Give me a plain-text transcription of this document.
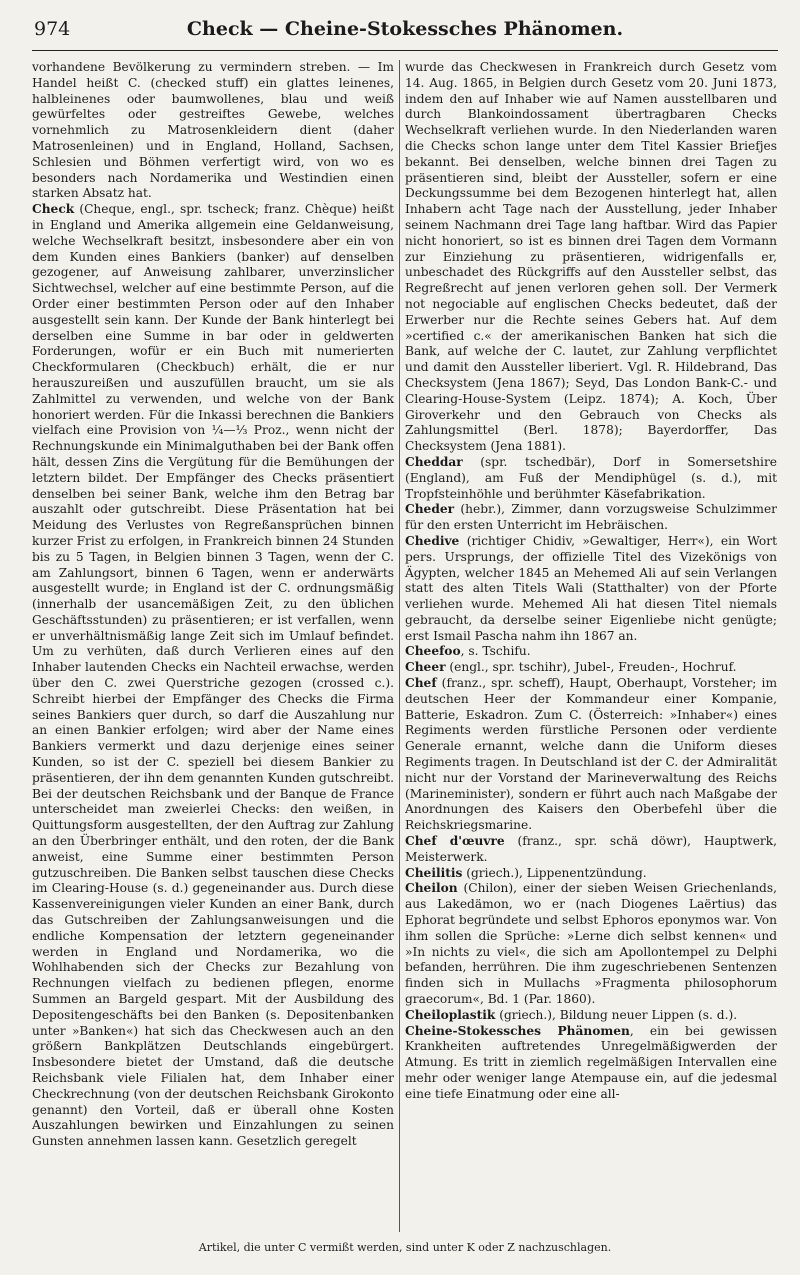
974	Check — Cheine-Stokessches Phänomen.

vorhandene Bevölkerung zu vermindern streben. — Im Handel heißt C. (checked stuff) ein glattes leinenes, halbleinenes oder baumwollenes, blau und weiß gewürfeltes oder gestreiftes Gewebe, welches vornehmlich zu Matrosenkleidern dient (daher Matrosenleinen) und in England, Holland, Sachsen, Schlesien und Böhmen verfertigt wird, von wo es besonders nach Nordamerika und Westindien einen starken Absatz hat.

Check (Cheque, engl., spr. tscheck; franz. Chèque) heißt in England und Amerika allgemein eine Geldanweisung, welche Wechselkraft besitzt, insbesondere aber ein von dem Kunden eines Bankiers (banker) auf denselben gezogener, auf Anweisung zahlbarer, unverzinslicher Sichtwechsel, welcher auf eine bestimmte Person, auf die Order einer bestimmten Person oder auf den Inhaber ausgestellt sein kann. Der Kunde der Bank hinterlegt bei derselben eine Summe in bar oder in geldwerten Forderungen, wofür er ein Buch mit numerierten Checkformularen (Checkbuch) erhält, die er nur herauszureißen und auszufüllen braucht, um sie als Zahlmittel zu verwenden, und welche von der Bank honoriert werden. Für die Inkassi berechnen die Bankiers vielfach eine Provision von ¼—⅓ Proz., wenn nicht der Rechnungskunde ein Minimalguthaben bei der Bank offen hält, dessen Zins die Vergütung für die Bemühungen der letztern bildet. Der Empfänger des Checks präsentiert denselben bei seiner Bank, welche ihm den Betrag bar auszahlt oder gutschreibt. Diese Präsentation hat bei Meidung des Verlustes von Regreßansprüchen binnen kurzer Frist zu erfolgen, in Frankreich binnen 24 Stunden bis zu 5 Tagen, in Belgien binnen 3 Tagen, wenn der C. am Zahlungsort, binnen 6 Tagen, wenn er anderwärts ausgestellt wurde; in England ist der C. ordnungsmäßig (innerhalb der usancemäßigen Zeit, zu den üblichen Geschäftsstunden) zu präsentieren; er ist verfallen, wenn er unverhältnismäßig lange Zeit sich im Umlauf befindet. Um zu verhüten, daß durch Verlieren eines auf den Inhaber lautenden Checks ein Nachteil erwachse, werden über den C. zwei Querstriche gezogen (crossed c.). Schreibt hierbei der Empfänger des Checks die Firma seines Bankiers quer durch, so darf die Auszahlung nur an einen Bankier erfolgen; wird aber der Name eines Bankiers vermerkt und dazu derjenige eines seiner Kunden, so ist der C. speziell bei diesem Bankier zu präsentieren, der ihn dem genannten Kunden gutschreibt. Bei der deutschen Reichsbank und der Banque de France unterscheidet man zweierlei Checks: den weißen, in Quittungsform ausgestellten, der den Auftrag zur Zahlung an den Überbringer enthält, und den roten, der die Bank anweist, eine Summe einer bestimmten Person gutzuschreiben. Die Banken selbst tauschen diese Checks im Clearing-House (s. d.) gegeneinander aus. Durch diese Kassenvereinigungen vieler Kunden an einer Bank, durch das Gutschreiben der Zahlungsanweisungen und die endliche Kompensation der letztern gegeneinander werden in England und Nordamerika, wo die Wohlhabenden sich der Checks zur Bezahlung von Rechnungen vielfach zu bedienen pflegen, enorme Summen an Bargeld gespart. Mit der Ausbildung des Depositengeschäfts bei den Banken (s. Depositenbanken unter »Banken«) hat sich das Checkwesen auch an den größern Bankplätzen Deutschlands eingebürgert. Insbesondere bietet der Umstand, daß die deutsche Reichsbank viele Filialen hat, dem Inhaber einer Checkrechnung (von der deutschen Reichsbank Girokonto genannt) den Vorteil, daß er überall ohne Kosten Auszahlungen bewirken und Einzahlungen zu seinen Gunsten annehmen lassen kann. Gesetzlich geregelt

wurde das Checkwesen in Frankreich durch Gesetz vom 14. Aug. 1865, in Belgien durch Gesetz vom 20. Juni 1873, indem den auf Inhaber wie auf Namen ausstellbaren und durch Blankoindossament übertragbaren Checks Wechselkraft verliehen wurde. In den Niederlanden waren die Checks schon lange unter dem Titel Kassier Briefjes bekannt. Bei denselben, welche binnen drei Tagen zu präsentieren sind, bleibt der Aussteller, sofern er eine Deckungssumme bei dem Bezogenen hinterlegt hat, allen Inhabern acht Tage nach der Ausstellung, jeder Inhaber seinem Nachmann drei Tage lang haftbar. Wird das Papier nicht honoriert, so ist es binnen drei Tagen dem Vormann zur Einziehung zu präsentieren, widrigenfalls er, unbeschadet des Rückgriffs auf den Aussteller selbst, das Regreßrecht auf jenen verloren gehen soll. Der Vermerk not negociable auf englischen Checks bedeutet, daß der Erwerber nur die Rechte seines Gebers hat. Auf dem »certified c.« der amerikanischen Banken hat sich die Bank, auf welche der C. lautet, zur Zahlung verpflichtet und damit den Aussteller liberiert. Vgl. R. Hildebrand, Das Checksystem (Jena 1867); Seyd, Das London Bank-C.- und Clearing-House-System (Leipz. 1874); A. Koch, Über Giroverkehr und den Gebrauch von Checks als Zahlungsmittel (Berl. 1878); Bayerdorffer, Das Checksystem (Jena 1881).

Cheddar (spr. tschedbär), Dorf in Somersetshire (England), am Fuß der Mendiphügel (s. d.), mit Tropfsteinhöhle und berühmter Käsefabrikation.

Cheder (hebr.), Zimmer, dann vorzugsweise Schulzimmer für den ersten Unterricht im Hebräischen.

Chedive (richtiger Chidiv, »Gewaltiger, Herr«), ein Wort pers. Ursprungs, der offizielle Titel des Vizekönigs von Ägypten, welcher 1845 an Mehemed Ali auf sein Verlangen statt des alten Titels Wali (Statthalter) von der Pforte verliehen wurde. Mehemed Ali hat diesen Titel niemals gebraucht, da derselbe seiner Eigenliebe nicht genügte; erst Ismail Pascha nahm ihn 1867 an.

Cheefoo, s. Tschifu.

Cheer (engl., spr. tschihr), Jubel-, Freuden-, Hochruf.

Chef (franz., spr. scheff), Haupt, Oberhaupt, Vorsteher; im deutschen Heer der Kommandeur einer Kompanie, Batterie, Eskadron. Zum C. (Österreich: »Inhaber«) eines Regiments werden fürstliche Personen oder verdiente Generale ernannt, welche dann die Uniform dieses Regiments tragen. In Deutschland ist der C. der Admiralität nicht nur der Vorstand der Marineverwaltung des Reichs (Marineminister), sondern er führt auch nach Maßgabe der Anordnungen des Kaisers den Oberbefehl über die Reichskriegsmarine.

Chef d'œuvre (franz., spr. schä döwr), Hauptwerk, Meisterwerk.

Cheilitis (griech.), Lippenentzündung.

Cheilon (Chilon), einer der sieben Weisen Griechenlands, aus Lakedämon, wo er (nach Diogenes Laërtius) das Ephorat begründete und selbst Ephoros eponymos war. Von ihm sollen die Sprüche: »Lerne dich selbst kennen« und »In nichts zu viel«, die sich am Apollontempel zu Delphi befanden, herrühren. Die ihm zugeschriebenen Sentenzen finden sich in Mullachs »Fragmenta philosophorum graecorum«, Bd. 1 (Par. 1860).

Cheiloplastik (griech.), Bildung neuer Lippen (s. d.).

Cheine-Stokessches Phänomen, ein bei gewissen Krankheiten auftretendes Unregelmäßigwerden der Atmung. Es tritt in ziemlich regelmäßigen Intervallen eine mehr oder weniger lange Atempause ein, auf die jedesmal eine tiefe Einatmung oder eine all-

Artikel, die unter C vermißt werden, sind unter K oder Z nachzuschlagen.
